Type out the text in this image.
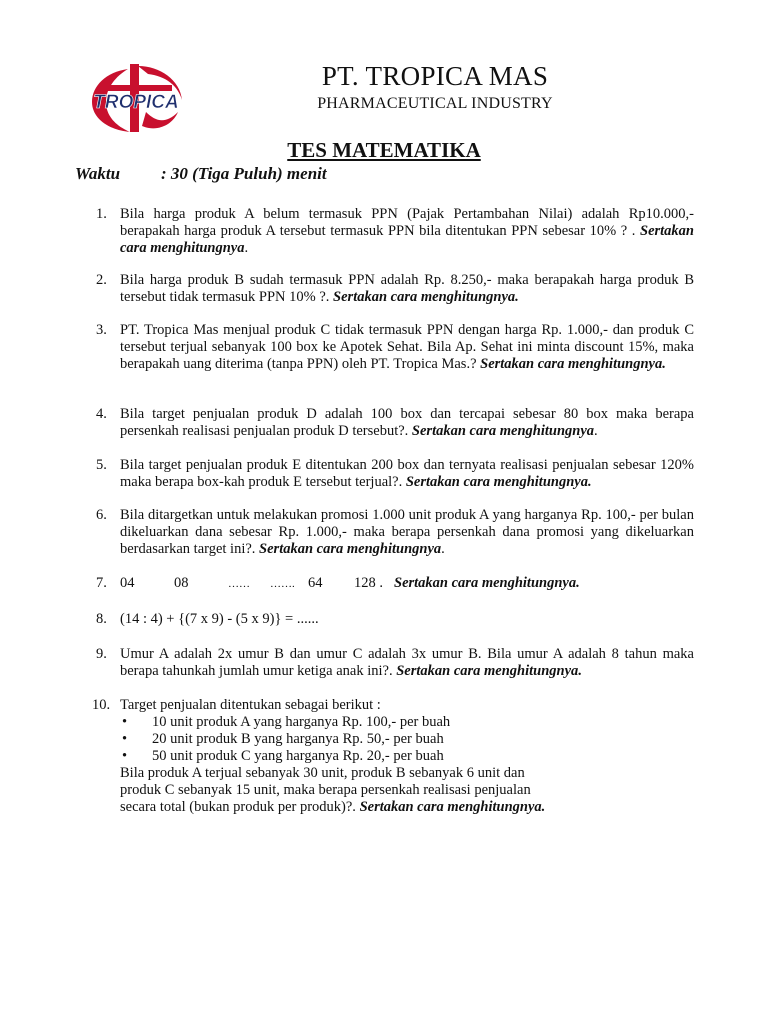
TROPICA
PT. TROPICA MAS
PHARMACEUTICAL INDUSTRY
TES MATEMATIKA
Waktu : 30 (Tiga Puluh) menit
1. Bila harga produk A belum termasuk PPN (Pajak Pertambahan Nilai) adalah Rp10.000,- berapakah harga produk A tersebut termasuk PPN bila ditentukan PPN sebesar 10% ? . Sertakan cara menghitungnya.
2. Bila harga produk B sudah termasuk PPN adalah Rp. 8.250,- maka berapakah harga produk B tersebut tidak termasuk PPN 10% ?. Sertakan cara menghitungnya.
3. PT. Tropica Mas menjual produk C tidak termasuk PPN dengan harga Rp. 1.000,- dan produk C tersebut terjual sebanyak 100 box ke Apotek Sehat. Bila Ap. Sehat ini minta discount 15%, maka berapakah uang diterima (tanpa PPN) oleh PT. Tropica Mas.? Sertakan cara menghitungnya.
4. Bila target penjualan produk D adalah 100 box dan tercapai sebesar 80 box maka berapa persenkah realisasi penjualan produk D tersebut?. Sertakan cara menghitungnya.
5. Bila target penjualan produk E ditentukan 200 box dan ternyata realisasi penjualan sebesar 120% maka berapa box-kah produk E tersebut terjual?. Sertakan cara menghitungnya.
6. Bila ditargetkan untuk melakukan promosi 1.000 unit produk A yang harganya Rp. 100,- per bulan dikeluarkan dana sebesar Rp. 1.000,- maka berapa persenkah dana promosi yang dikeluarkan berdasarkan target ini?. Sertakan cara menghitungnya.
7. 04	08	…… ……. 64 128 . Sertakan cara menghitungnya.
8. (14 : 4) + {(7 x 9) - (5 x 9)} = ......
9. Umur A adalah 2x umur B dan umur C adalah 3x umur B. Bila umur A adalah 8 tahun maka berapa tahunkah jumlah umur ketiga anak ini?. Sertakan cara menghitungnya.
10. Target penjualan ditentukan sebagai berikut :
• 10 unit produk A yang harganya Rp. 100,- per buah
• 20 unit produk B yang harganya Rp. 50,- per buah
• 50 unit produk C yang harganya Rp. 20,- per buah
Bila produk A terjual sebanyak 30 unit, produk B sebanyak 6 unit dan produk C sebanyak 15 unit, maka berapa persenkah realisasi penjualan secara total (bukan produk per produk)?. Sertakan cara menghitungnya.
